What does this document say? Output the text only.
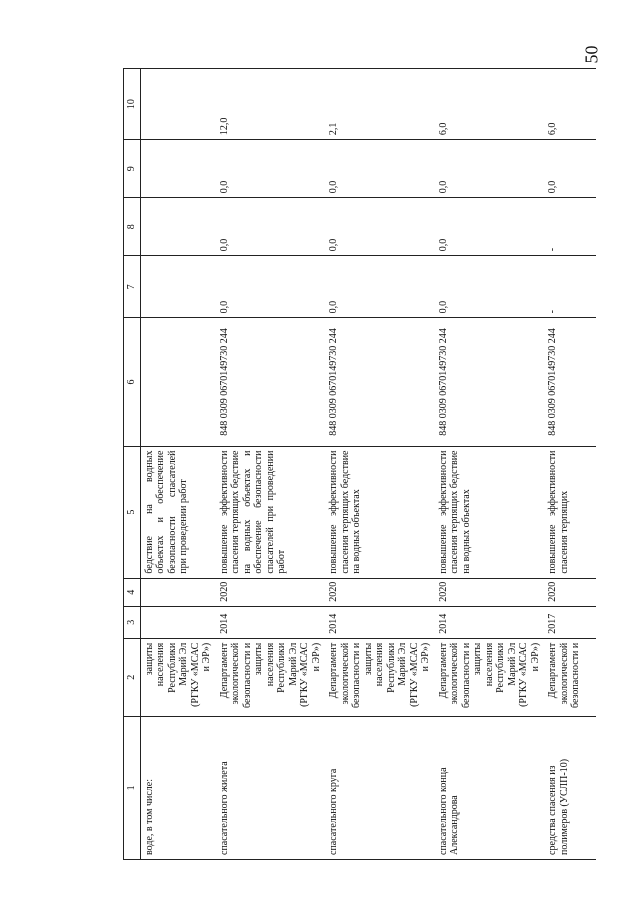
50
1	2	3	4	5	6	7	8	9	10
воде, в том числе:	защиты населения Республики Марий Эл (РГКУ «МСАС и ЭР»)			бедствие на водных объектах и обеспечение безопасности спасателей при проведении работ					
спасательного жилета	Департамент экологической безопасности и защиты населения Республики Марий Эл (РГКУ «МСАС и ЭР»)	2014	2020	повышение эффективности спасения терпящих бедствие на водных объектах и обеспечение безопасности спасателей при проведении работ	848 0309 0670149730 244	0,0	0,0	0,0	12,0
спасательного круга	Департамент экологической безопасности и защиты населения Республики Марий Эл (РГКУ «МСАС и ЭР»)	2014	2020	повышение эффективности спасения терпящих бедствие на водных объектах	848 0309 0670149730 244	0,0	0,0	0,0	2,1
спасательного конца Александрова	Департамент экологической безопасности и защиты населения Республики Марий Эл (РГКУ «МСАС и ЭР»)	2014	2020	повышение эффективности спасения терпящих бедствие на водных объектах	848 0309 0670149730 244	0,0	0,0	0,0	6,0
средства спасения из полимеров (УСЛП-10)	Департамент экологической безопасности и	2017	2020	повышение эффективности спасения терпящих	848 0309 0670149730 244	-	-	0,0	6,0
